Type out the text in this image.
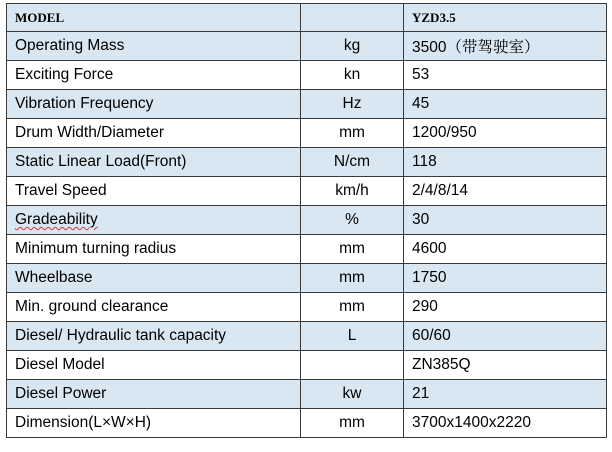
MODEL		YZD3.5
Operating Mass	kg	3500（带驾驶室）
Exciting Force	kn	53
Vibration Frequency	Hz	45
Drum Width/Diameter	mm	1200/950
Static Linear Load(Front)	N/cm	118
Travel Speed	km/h	2/4/8/14
Gradeability	%	30
Minimum turning radius	mm	4600
Wheelbase	mm	1750
Min. ground clearance	mm	290
Diesel/ Hydraulic tank capacity	L	60/60
Diesel Model		ZN385Q
Diesel Power	kw	21
Dimension(L×W×H)	mm	3700x1400x2220
